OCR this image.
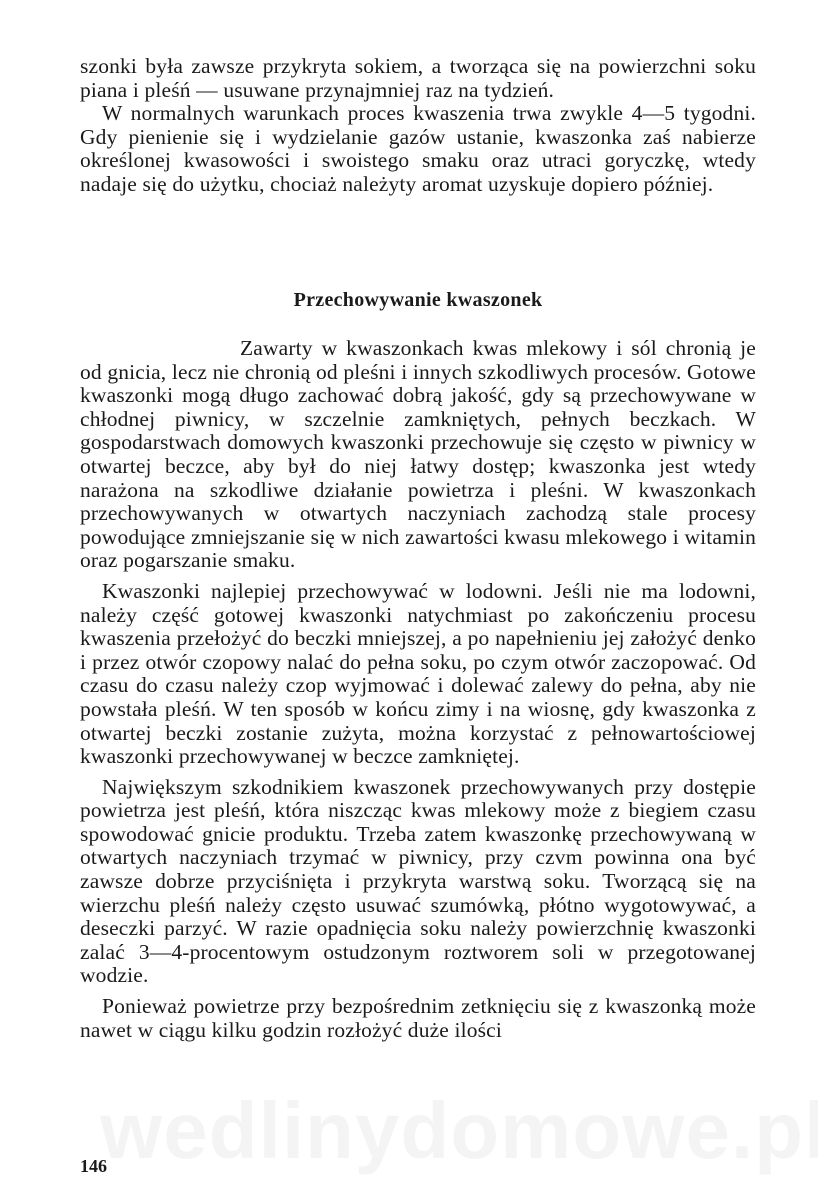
szonki była zawsze przykryta sokiem, a tworząca się na powierzchni soku piana i pleśń — usuwane przynajmniej raz na tydzień.

W normalnych warunkach proces kwaszenia trwa zwykle 4—5 tygodni. Gdy pienienie się i wydzielanie gazów ustanie, kwaszonka zaś nabierze określonej kwasowości i swoistego smaku oraz utraci goryczkę, wtedy nadaje się do użytku, chociaż należyty aromat uzyskuje dopiero później.

Przechowywanie kwaszonek

Zawarty w kwaszonkach kwas mlekowy i sól chronią je od gnicia, lecz nie chronią od pleśni i innych szkodliwych procesów. Gotowe kwaszonki mogą długo zachować dobrą jakość, gdy są przechowywane w chłodnej piwnicy, w szczelnie zamkniętych, pełnych beczkach. W gospodarstwach domowych kwaszonki przechowuje się często w piwnicy w otwartej beczce, aby był do niej łatwy dostęp; kwaszonka jest wtedy narażona na szkodliwe działanie powietrza i pleśni. W kwaszonkach przechowywanych w otwartych naczyniach zachodzą stale procesy powodujące zmniejszanie się w nich zawartości kwasu mlekowego i witamin oraz pogarszanie smaku.

Kwaszonki najlepiej przechowywać w lodowni. Jeśli nie ma lodowni, należy część gotowej kwaszonki natychmiast po zakończeniu procesu kwaszenia przełożyć do beczki mniejszej, a po napełnieniu jej założyć denko i przez otwór czopowy nalać do pełna soku, po czym otwór zaczopować. Od czasu do czasu należy czop wyjmować i dolewać zalewy do pełna, aby nie powstała pleśń. W ten sposób w końcu zimy i na wiosnę, gdy kwaszonka z otwartej beczki zostanie zużyta, można korzystać z pełnowartościowej kwaszonki przechowywanej w beczce zamkniętej.

Największym szkodnikiem kwaszonek przechowywanych przy dostępie powietrza jest pleśń, która niszcząc kwas mlekowy może z biegiem czasu spowodować gnicie produktu. Trzeba zatem kwaszonkę przechowywaną w otwartych naczyniach trzymać w piwnicy, przy czvm powinna ona być zawsze dobrze przyciśnięta i przykryta warstwą soku. Tworzącą się na wierzchu pleśń należy często usuwać szumówką, płótno wygotowywać, a deseczki parzyć. W razie opadnięcia soku należy powierzchnię kwaszonki zalać 3—4-procentowym ostudzonym roztworem soli w przegotowanej wodzie.

Ponieważ powietrze przy bezpośrednim zetknięciu się z kwaszonką może nawet w ciągu kilku godzin rozłożyć duże ilości

146
